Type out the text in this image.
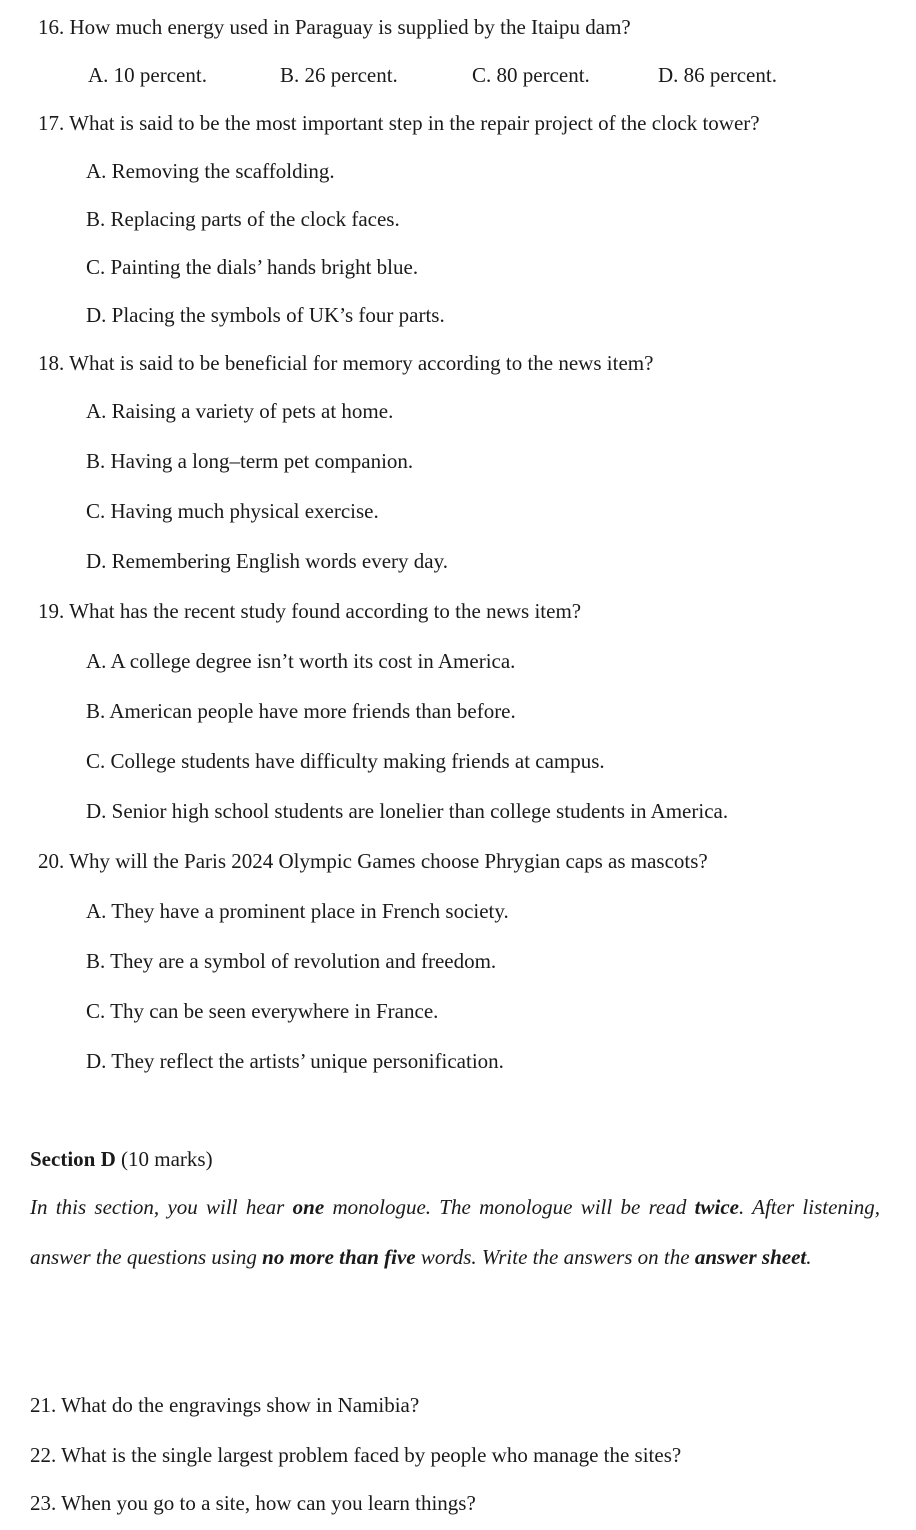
16. How much energy used in Paraguay is supplied by the Itaipu dam?
A. 10 percent.	B. 26 percent.	C. 80 percent.	D. 86 percent.
17. What is said to be the most important step in the repair project of the clock tower?
A. Removing the scaffolding.
B. Replacing parts of the clock faces.
C. Painting the dials’ hands bright blue.
D. Placing the symbols of UK’s four parts.
18. What is said to be beneficial for memory according to the news item?
A. Raising a variety of pets at home.
B. Having a long–term pet companion.
C. Having much physical exercise.
D. Remembering English words every day.
19. What has the recent study found according to the news item?
A. A college degree isn’t worth its cost in America.
B. American people have more friends than before.
C. College students have difficulty making friends at campus.
D. Senior high school students are lonelier than college students in America.
20. Why will the Paris 2024 Olympic Games choose Phrygian caps as mascots?
A. They have a prominent place in French society.
B. They are a symbol of revolution and freedom.
C. Thy can be seen everywhere in France.
D. They reflect the artists’ unique personification.
Section D (10 marks)
In this section, you will hear one monologue. The monologue will be read twice. After listening, answer the questions using no more than five words. Write the answers on the answer sheet.
21. What do the engravings show in Namibia?
22. What is the single largest problem faced by people who manage the sites?
23. When you go to a site, how can you learn things?
